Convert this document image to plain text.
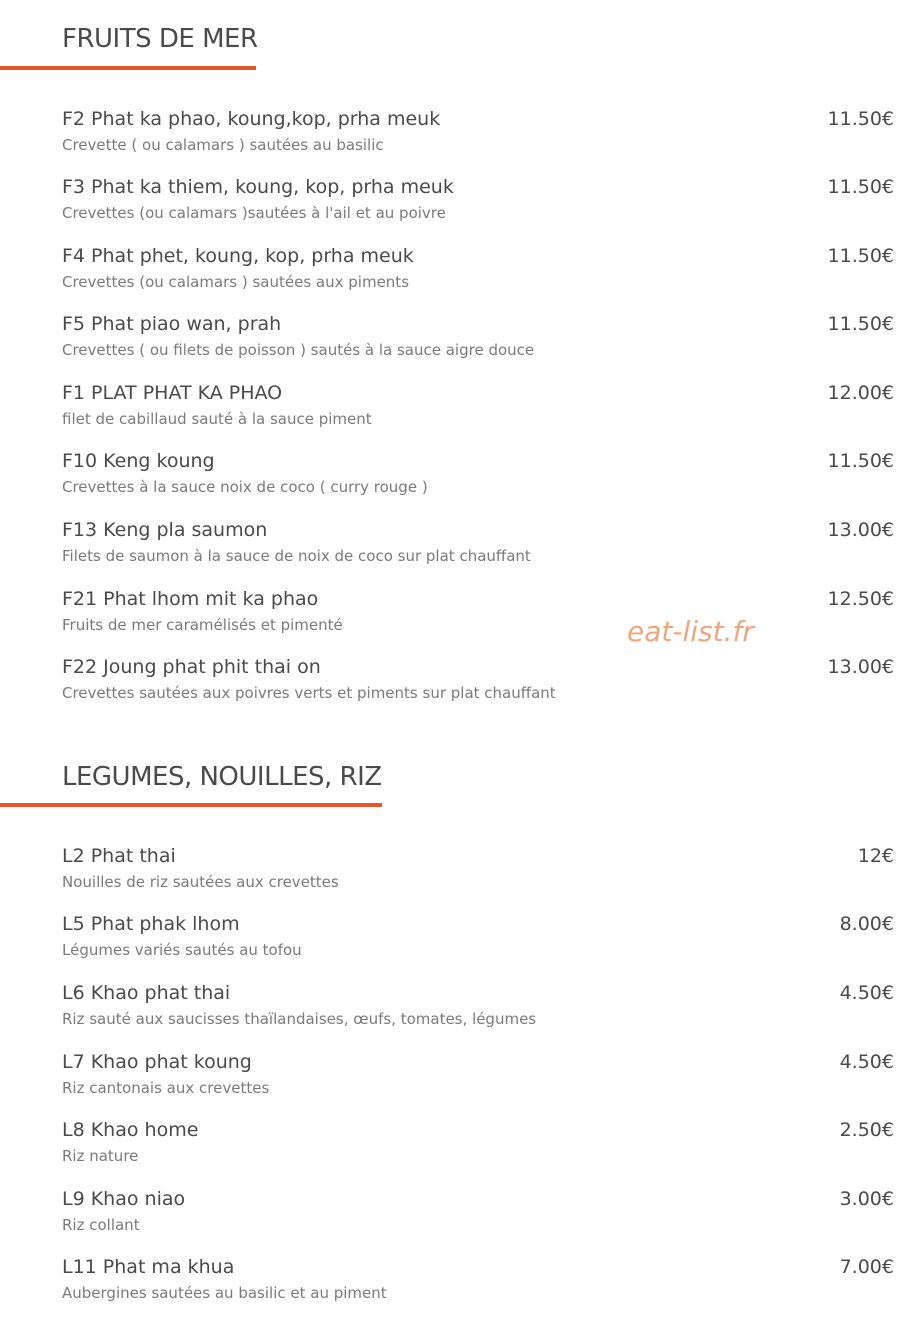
FRUITS DE MER
F2 Phat ka phao, koung,kop, prha meuk
Crevette ( ou calamars ) sautées au basilic
11.50€
F3 Phat ka thiem, koung, kop, prha meuk
Crevettes (ou calamars )sautées à l'ail et au poivre
11.50€
F4 Phat phet, koung, kop, prha meuk
Crevettes (ou calamars ) sautées aux piments
11.50€
F5 Phat piao wan, prah
Crevettes ( ou filets de poisson ) sautés à la sauce aigre douce
11.50€
F1 PLAT PHAT KA PHAO
filet de cabillaud sauté à la sauce piment
12.00€
F10 Keng koung
Crevettes à la sauce noix de coco ( curry rouge )
11.50€
F13 Keng pla saumon
Filets de saumon à la sauce de noix de coco sur plat chauffant
13.00€
F21 Phat lhom mit ka phao
Fruits de mer caramélisés et pimenté
12.50€
F22 Joung phat phit thai on
Crevettes sautées aux poivres verts et piments sur plat chauffant
13.00€
eat-list.fr
LEGUMES, NOUILLES, RIZ
L2 Phat thai
Nouilles de riz sautées aux crevettes
12€
L5 Phat phak lhom
Légumes variés sautés au tofou
8.00€
L6 Khao phat thai
Riz sauté aux saucisses thaïlandaises, œufs, tomates, légumes
4.50€
L7 Khao phat koung
Riz cantonais aux crevettes
4.50€
L8 Khao home
Riz nature
2.50€
L9 Khao niao
Riz collant
3.00€
L11 Phat ma khua
Aubergines sautées au basilic et au piment
7.00€
